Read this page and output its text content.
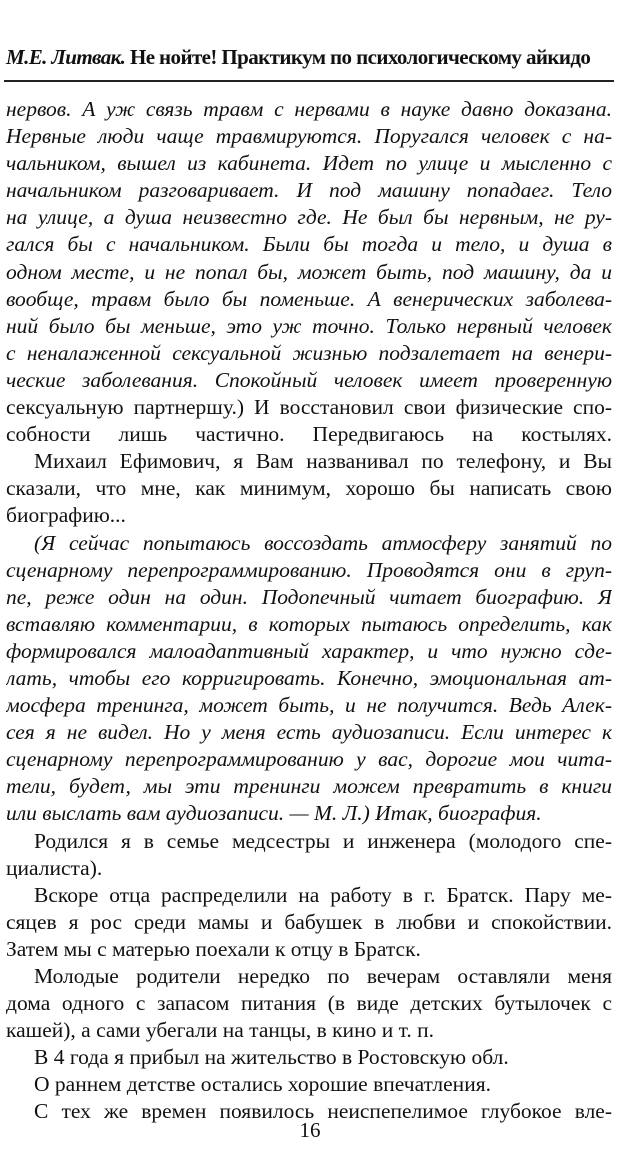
М.Е. Литвак. Не нойте! Практикум по психологическому айкидо
нервов. А уж связь травм с нервами в науке давно доказана.
Нервные люди чаще травмируются. Поругался человек с на-
чальником, вышел из кабинета. Идет по улице и мысленно с
начальником разговаривает. И под машину попадаег. Тело
на улице, а душа неизвестно где. Не был бы нервным, не ру-
гался бы с начальником. Были бы тогда и тело, и душа в
одном месте, и не попал бы, может быть, под машину, да и
вообще, травм было бы поменьше. А венерических заболева-
ний было бы меньше, это уж точно. Только нервный человек
с неналаженной сексуальной жизнью подзалетает на венери-
ческие заболевания. Спокойный человек имеет проверенную
сексуальную партнершу.) И восстановил свои физические спо-
собности лишь частично. Передвигаюсь на костылях.
Михаил Ефимович, я Вам названивал по телефону, и Вы
сказали, что мне, как минимум, хорошо бы написать свою
биографию...
(Я сейчас попытаюсь воссоздать атмосферу занятий по
сценарному перепрограммированию. Проводятся они в груп-
пе, реже один на один. Подопечный читает биографию. Я
вставляю комментарии, в которых пытаюсь определить, как
формировался малоадаптивный характер, и что нужно сде-
лать, чтобы его корригировать. Конечно, эмоциональная ат-
мосфера тренинга, может быть, и не получится. Ведь Алек-
сея я не видел. Но у меня есть аудиозаписи. Если интерес к
сценарному перепрограммированию у вас, дорогие мои чита-
тели, будет, мы эти тренинги можем превратить в книги
или выслать вам аудиозаписи. — М. Л.) Итак, биография.
Родился я в семье медсестры и инженера (молодого спе-
циалиста).
Вскоре отца распределили на работу в г. Братск. Пару ме-
сяцев я рос среди мамы и бабушек в любви и спокойствии.
Затем мы с матерью поехали к отцу в Братск.
Молодые родители нередко по вечерам оставляли меня
дома одного с запасом питания (в виде детских бутылочек с
кашей), а сами убегали на танцы, в кино и т. п.
В 4 года я прибыл на жительство в Ростовскую обл.
О раннем детстве остались хорошие впечатления.
С тех же времен появилось неиспепелимое глубокое вле-
16
